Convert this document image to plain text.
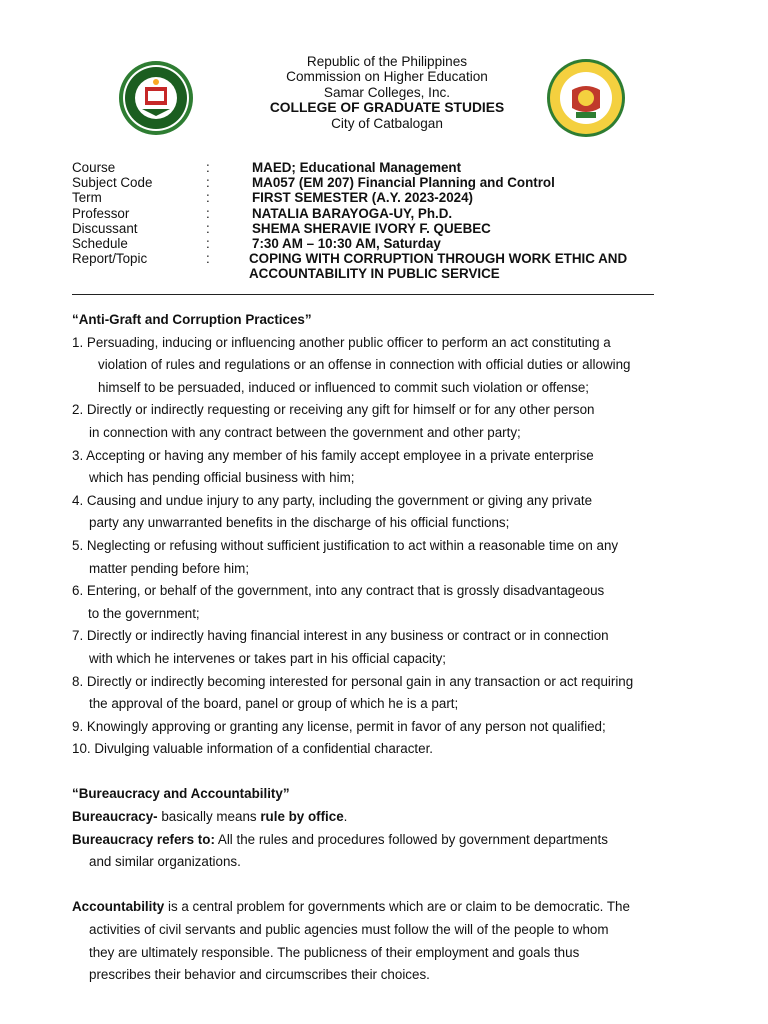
Republic of the Philippines
Commission on Higher Education
Samar Colleges, Inc.
COLLEGE OF GRADUATE STUDIES
City of Catbalogan
Course	:	MAED; Educational Management
Subject Code	:	MA057 (EM 207) Financial Planning and Control
Term	:	FIRST SEMESTER (A.Y. 2023-2024)
Professor	:	NATALIA BARAYOGA-UY, Ph.D.
Discussant	:	SHEMA SHERAVIE IVORY F. QUEBEC
Schedule	:	7:30 AM – 10:30 AM, Saturday
Report/Topic	:	COPING WITH CORRUPTION THROUGH WORK ETHIC AND
ACCOUNTABILITY IN PUBLIC SERVICE
“Anti-Graft and Corruption Practices”
1. Persuading, inducing or influencing another public officer to perform an act constituting a
violation of rules and regulations or an offense in connection with official duties or allowing
himself to be persuaded, induced or influenced to commit such violation or offense;
2. Directly or indirectly requesting or receiving any gift for himself or for any other person
in connection with any contract between the government and other party;
3. Accepting or having any member of his family accept employee in a private enterprise
which has pending official business with him;
4. Causing and undue injury to any party, including the government or giving any private
party any unwarranted benefits in the discharge of his official functions;
5. Neglecting or refusing without sufficient justification to act within a reasonable time on any
matter pending before him;
6. Entering, or behalf of the government, into any contract that is grossly disadvantageous
to the government;
7. Directly or indirectly having financial interest in any business or contract or in connection
with which he intervenes or takes part in his official capacity;
8. Directly or indirectly becoming interested for personal gain in any transaction or act requiring
the approval of the board, panel or group of which he is a part;
9. Knowingly approving or granting any license, permit in favor of any person not qualified;
10. Divulging valuable information of a confidential character.
“Bureaucracy and Accountability”
Bureaucracy- basically means rule by office.
Bureaucracy refers to: All the rules and procedures followed by government departments
and similar organizations.
Accountability is a central problem for governments which are or claim to be democratic. The
activities of civil servants and public agencies must follow the will of the people to whom
they are ultimately responsible. The publicness of their employment and goals thus
prescribes their behavior and circumscribes their choices.
